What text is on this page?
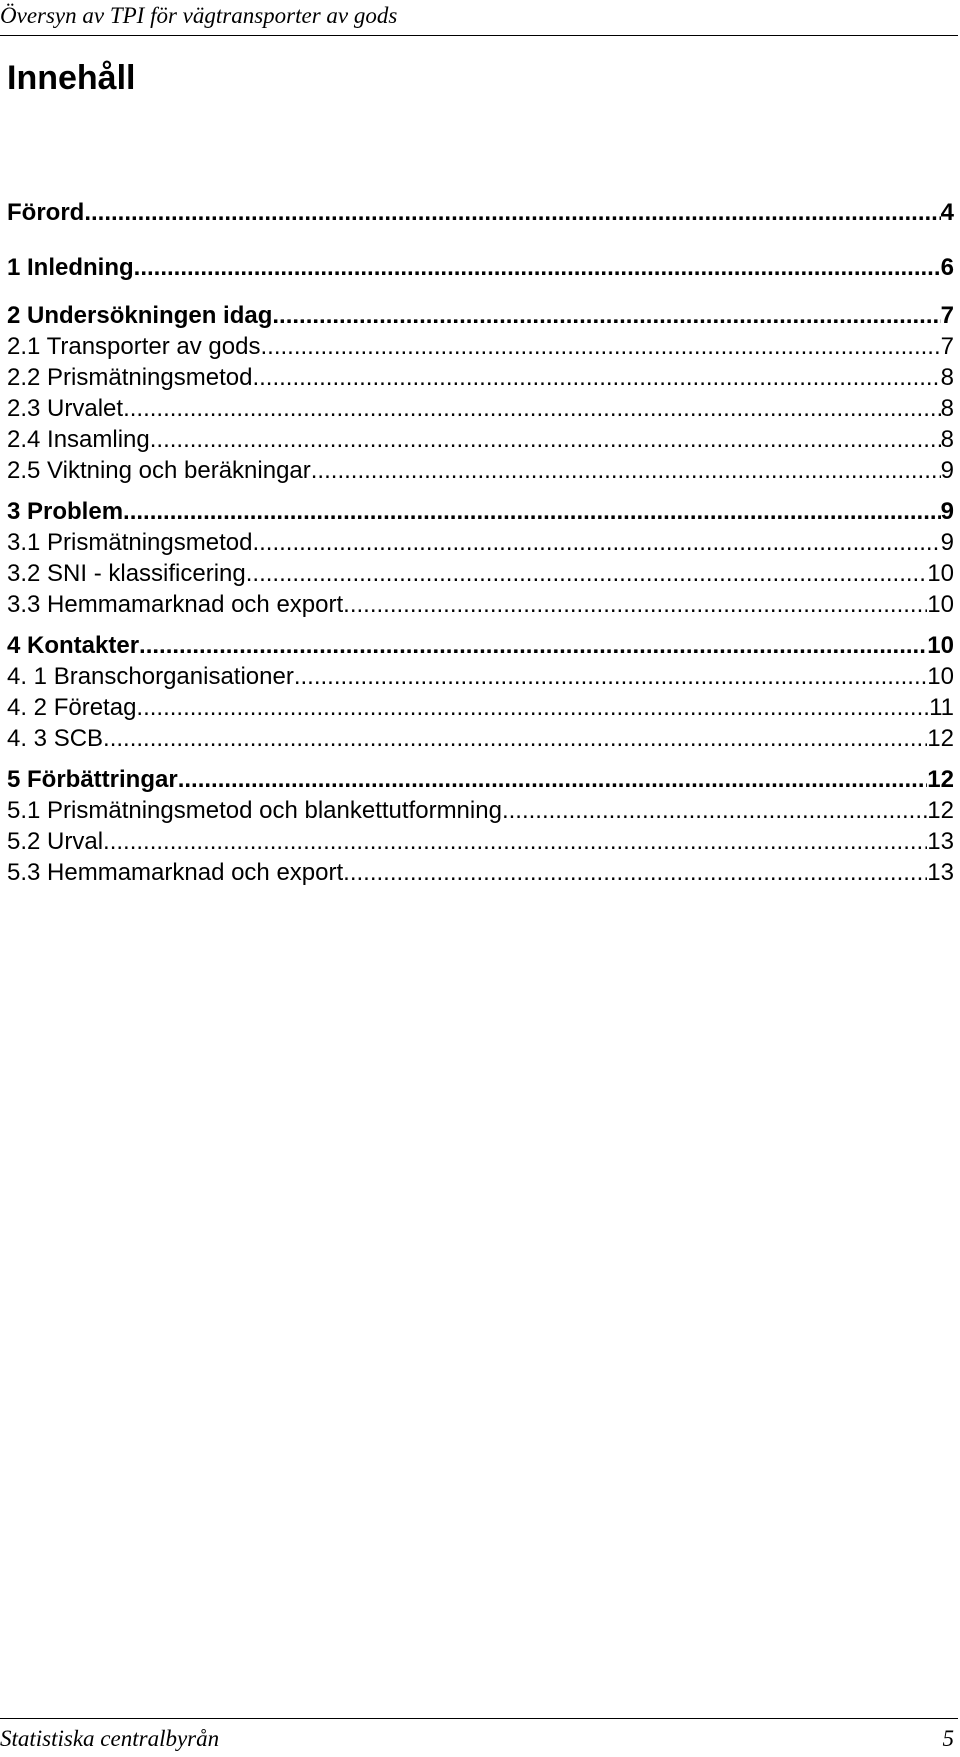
Översyn av TPI för vägtransporter av gods
Innehåll
Förord .....	4
1 Inledning .....	6
2 Undersökningen idag .....	7
2.1 Transporter av gods .....	7
2.2 Prismätningsmetod .....	8
2.3 Urvalet .....	8
2.4 Insamling .....	8
2.5 Viktning och beräkningar .....	9
3 Problem .....	9
3.1 Prismätningsmetod .....	9
3.2 SNI - klassificering .....	10
3.3 Hemmamarknad och export .....	10
4 Kontakter .....	10
4. 1 Branschorganisationer .....	10
4. 2 Företag .....	11
4. 3 SCB .....	12
5 Förbättringar .....	12
5.1 Prismätningsmetod och blankettutformning .....	12
5.2 Urval .....	13
5.3 Hemmamarknad och export .....	13
Statistiska centralbyrån	5
